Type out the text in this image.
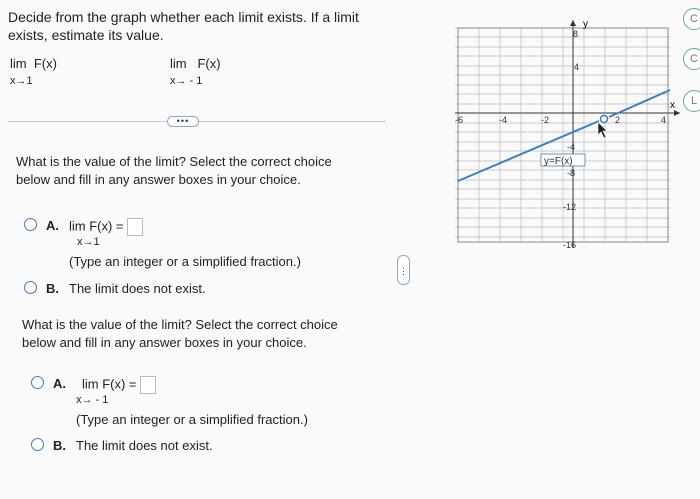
Decide from the graph whether each limit exists. If a limit exists, estimate its value.
lim F(x)
x→1
lim F(x)
x→ - 1
•••
What is the value of the limit? Select the correct choice below and fill in any answer boxes in your choice.
A. lim F(x) =
x→1
(Type an integer or a simplified fraction.)
B. The limit does not exist.
What is the value of the limit? Select the correct choice below and fill in any answer boxes in your choice.
A. lim F(x) =
x→ - 1
(Type an integer or a simplified fraction.)
B. The limit does not exist.
⋮
y
x
-6	-4	-2	2	4
8
4
-4
-8
-12
-16
y=F(x)
C
C
L
